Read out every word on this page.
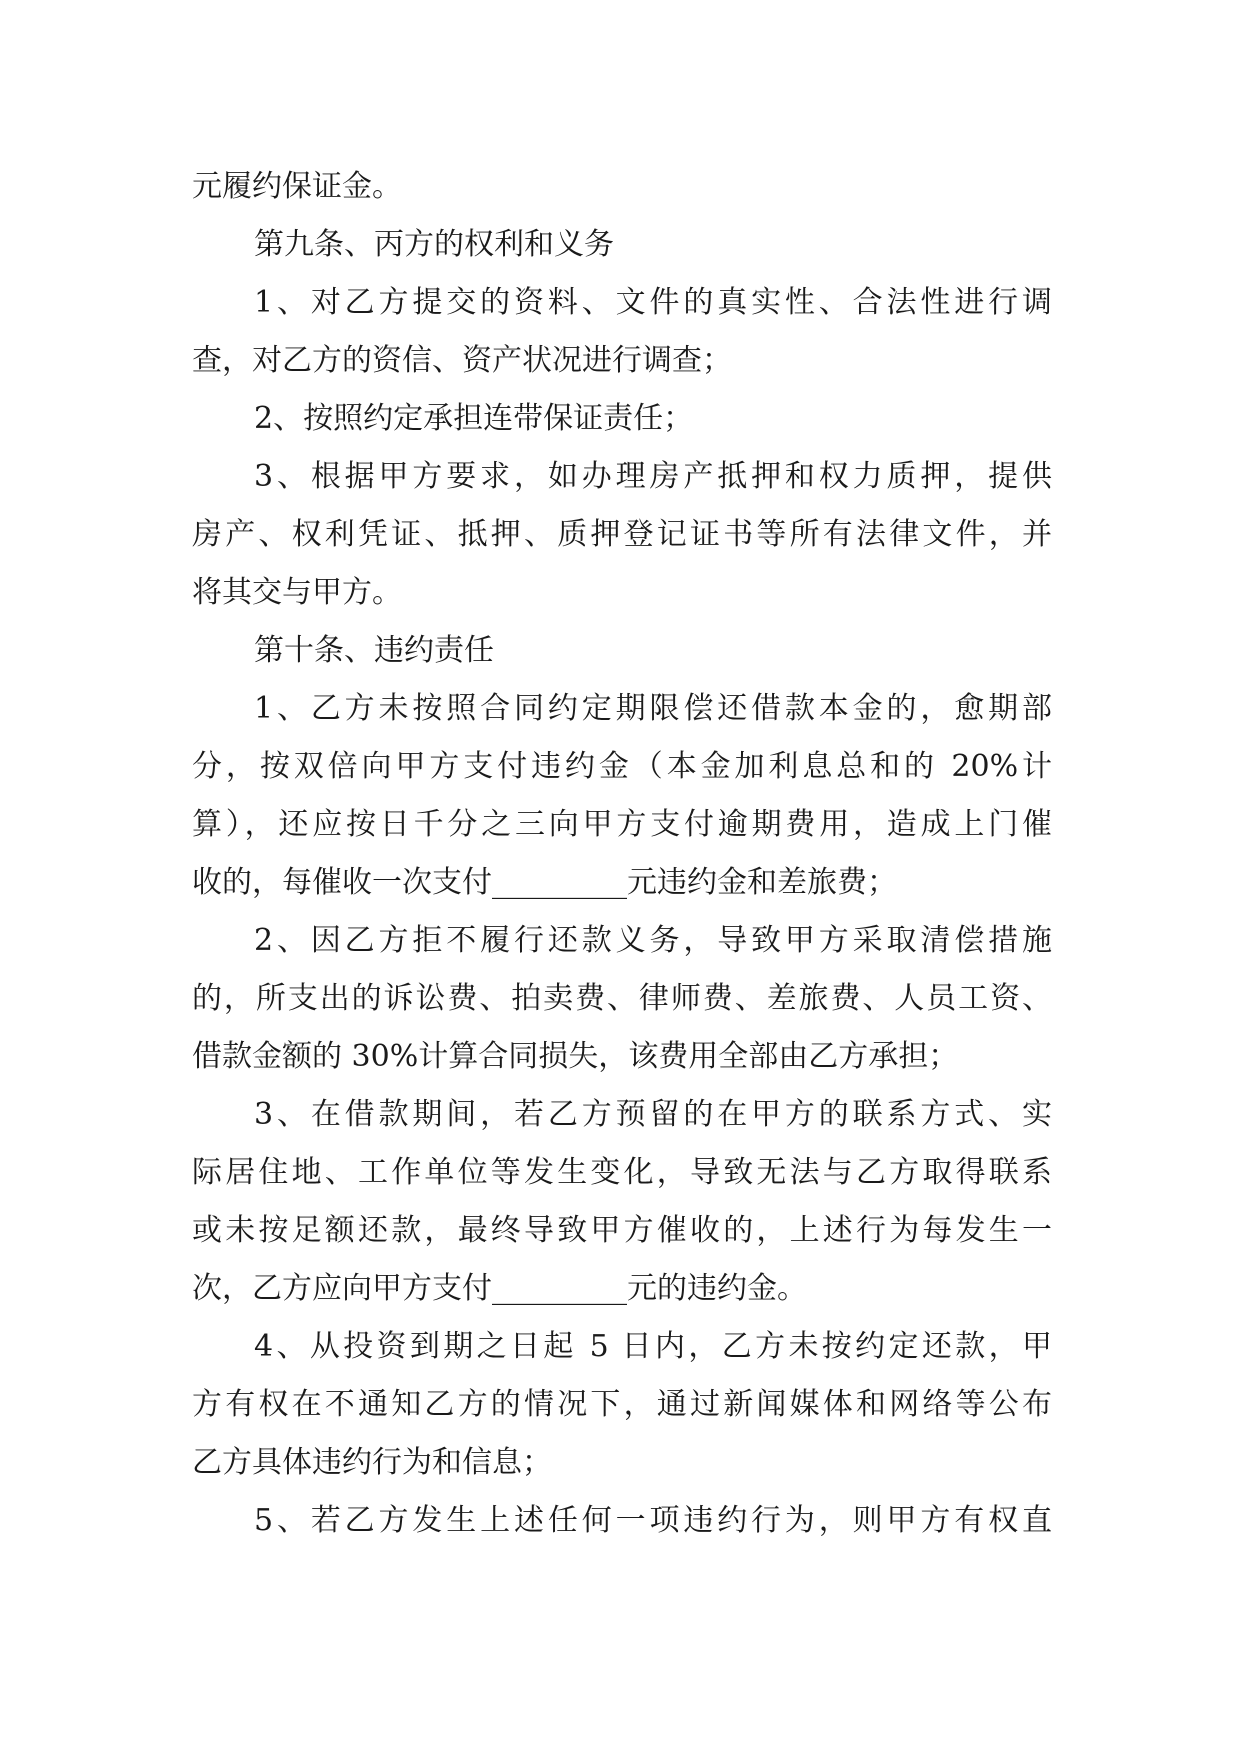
元履约保证金。
第九条、丙方的权利和义务
1、对乙方提交的资料、文件的真实性、合法性进行调
查，对乙方的资信、资产状况进行调查；
2、按照约定承担连带保证责任；
3、根据甲方要求，如办理房产抵押和权力质押，提供
房产、权利凭证、抵押、质押登记证书等所有法律文件，并
将其交与甲方。
第十条、违约责任
1、乙方未按照合同约定期限偿还借款本金的，愈期部
分，按双倍向甲方支付违约金（本金加利息总和的 20%计
算），还应按日千分之三向甲方支付逾期费用，造成上门催
收的，每催收一次支付_________元违约金和差旅费；
2、因乙方拒不履行还款义务，导致甲方采取清偿措施
的，所支出的诉讼费、拍卖费、律师费、差旅费、人员工资、
借款金额的 30%计算合同损失，该费用全部由乙方承担；
3、在借款期间，若乙方预留的在甲方的联系方式、实
际居住地、工作单位等发生变化，导致无法与乙方取得联系
或未按足额还款，最终导致甲方催收的，上述行为每发生一
次，乙方应向甲方支付_________元的违约金。
4、从投资到期之日起 5 日内，乙方未按约定还款，甲
方有权在不通知乙方的情况下，通过新闻媒体和网络等公布
乙方具体违约行为和信息；
5、若乙方发生上述任何一项违约行为，则甲方有权直
